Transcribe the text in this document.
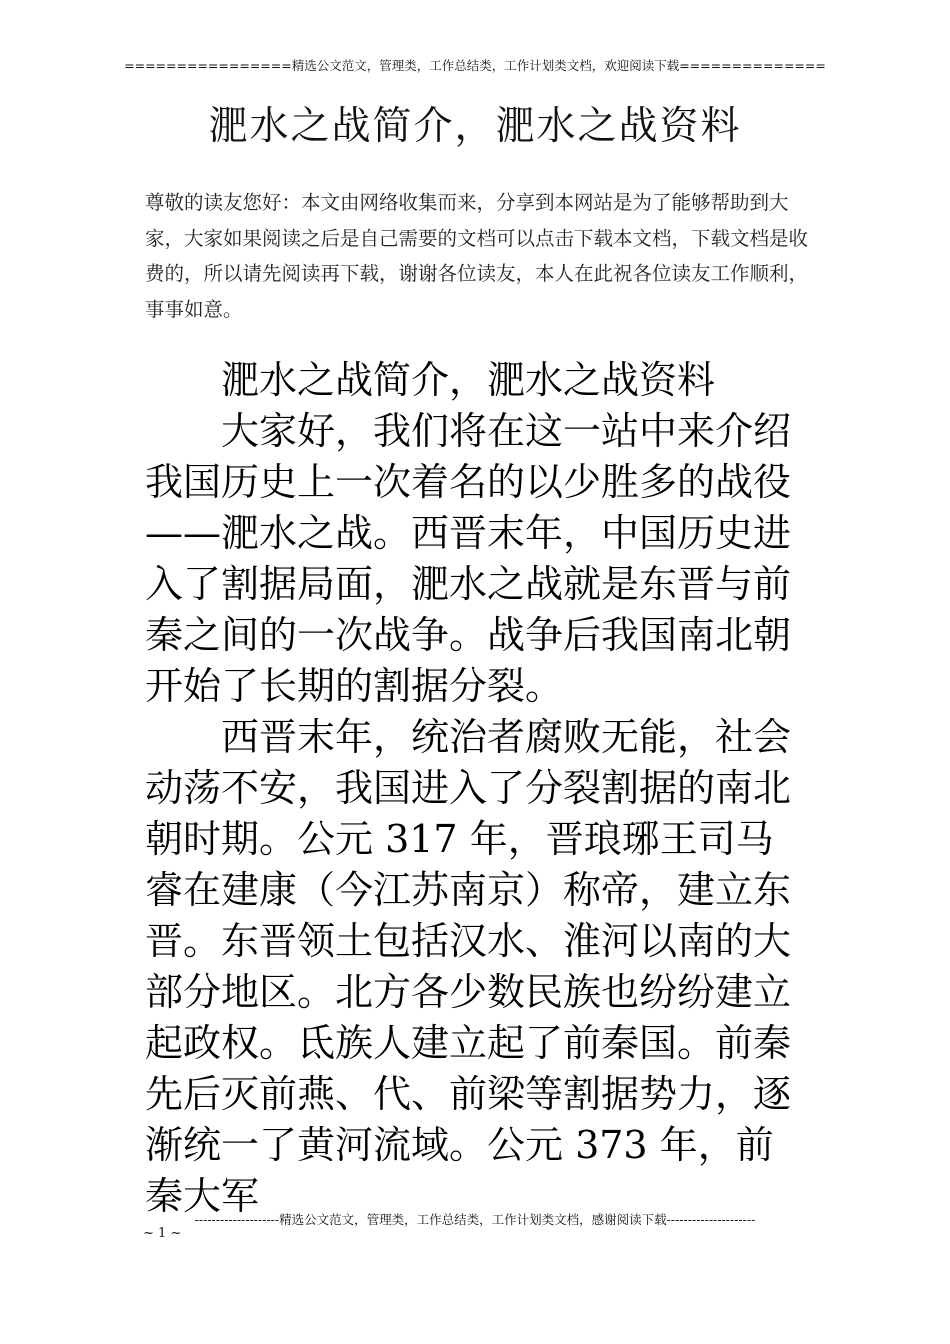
================精选公文范文，管理类，工作总结类，工作计划类文档，欢迎阅读下载==============
淝水之战简介，淝水之战资料
尊敬的读友您好：本文由网络收集而来，分享到本网站是为了能够帮助到大家，大家如果阅读之后是自己需要的文档可以点击下载本文档，下载文档是收费的，所以请先阅读再下载，谢谢各位读友，本人在此祝各位读友工作顺利，事事如意。

淝水之战简介，淝水之战资料

大家好，我们将在这一站中来介绍我国历史上一次着名的以少胜多的战役——淝水之战。西晋末年，中国历史进入了割据局面，淝水之战就是东晋与前秦之间的一次战争。战争后我国南北朝开始了长期的割据分裂。

西晋末年，统治者腐败无能，社会动荡不安，我国进入了分裂割据的南北朝时期。公元 317 年，晋琅琊王司马睿在建康（今江苏南京）称帝，建立东晋。东晋领土包括汉水、淮河以南的大部分地区。北方各少数民族也纷纷建立起政权。氐族人建立起了前秦国。前秦先后灭前燕、代、前梁等割据势力，逐渐统一了黄河流域。公元 373 年，前秦大军

--------------------精选公文范文，管理类，工作总结类，工作计划类文档，感谢阅读下载---------------------
~ 1 ~
